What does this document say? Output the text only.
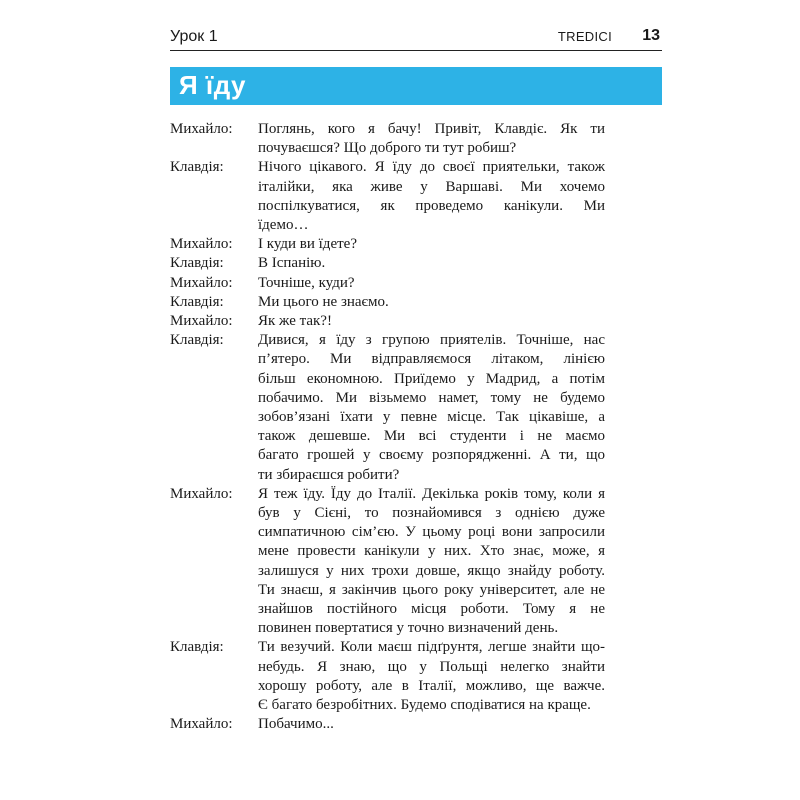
Урок 1	TREDICI 13
Я їду
Михайло: Поглянь, кого я бачу! Привіт, Клавдіє. Як ти
почуваєшся? Що доброго ти тут робиш?
Клавдія: Нічого цікавого. Я їду до своєї приятельки, також
італійки, яка живе у Варшаві. Ми хочемо
поспілкуватися, як проведемо канікули. Ми
їдемо…
Михайло: І куди ви їдете?
Клавдія: В Іспанію.
Михайло: Точніше, куди?
Клавдія: Ми цього не знаємо.
Михайло: Як же так?!
Клавдія: Дивися, я їду з групою приятелів. Точніше, нас
п’ятеро. Ми відправляємося літаком, лінією
більш економною. Приїдемо у Мадрид, а потім
побачимо. Ми візьмемо намет, тому не будемо
зобов’язані їхати у певне місце. Так цікавіше, а
також дешевше. Ми всі студенти і не маємо
багато грошей у своєму розпорядженні. А ти, що
ти збираєшся робити?
Михайло: Я теж їду. Їду до Італії. Декілька років тому, коли я
був у Сієні, то познайомився з однією дуже
симпатичною сім’єю. У цьому році вони запросили
мене провести канікули у них. Хто знає, може, я
залишуся у них трохи довше, якщо знайду роботу.
Ти знаєш, я закінчив цього року університет, але не
знайшов постійного місця роботи. Тому я не
повинен повертатися у точно визначений день.
Клавдія: Ти везучий. Коли маєш підґрунтя, легше знайти що-
небудь. Я знаю, що у Польщі нелегко знайти
хорошу роботу, але в Італії, можливо, ще важче.
Є багато безробітних. Будемо сподіватися на краще.
Михайло: Побачимо...
